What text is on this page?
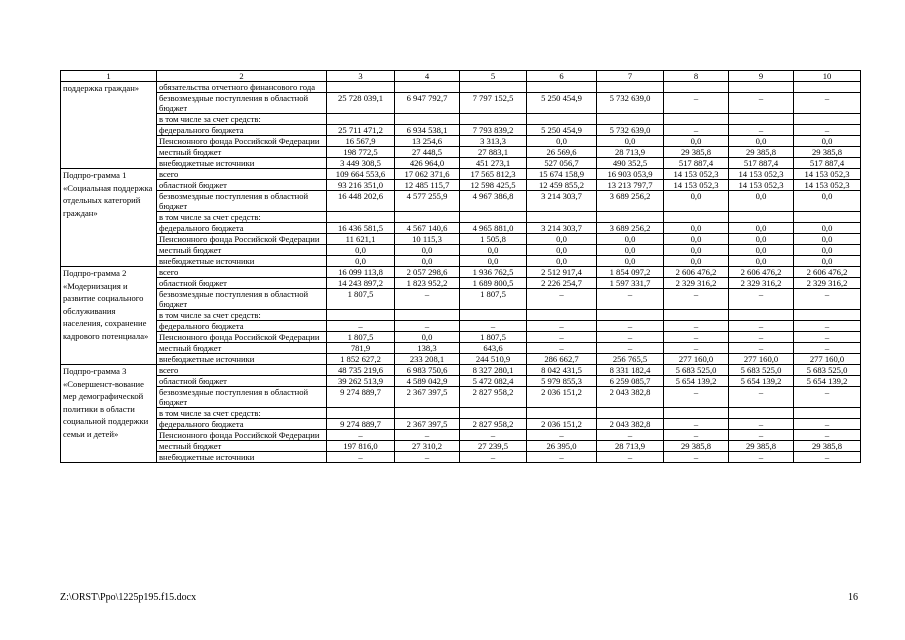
1	2	3	4	5	6	7	8	9	10
поддержка граждан»	обязательства отчетного финансового года								
	безвозмездные поступления в областной бюджет	25 728 039,1	6 947 792,7	7 797 152,5	5 250 454,9	5 732 639,0	–	–	–
	в том числе за счет средств:								
	федерального бюджета	25 711 471,2	6 934 538,1	7 793 839,2	5 250 454,9	5 732 639,0	–	–	–
	Пенсионного фонда Российской Федерации	16 567,9	13 254,6	3 313,3	0,0	0,0	0,0	0,0	0,0
	местный бюджет	198 772,5	27 448,5	27 883,1	26 569,6	28 713,9	29 385,8	29 385,8	29 385,8
	внебюджетные источники	3 449 308,5	426 964,0	451 273,1	527 056,7	490 352,5	517 887,4	517 887,4	517 887,4
Подпро-грамма 1 «Социальная поддержка отдельных категорий граждан»	всего	109 664 553,6	17 062 371,6	17 565 812,3	15 674 158,9	16 903 053,9	14 153 052,3	14 153 052,3	14 153 052,3
	областной бюджет	93 216 351,0	12 485 115,7	12 598 425,5	12 459 855,2	13 213 797,7	14 153 052,3	14 153 052,3	14 153 052,3
	безвозмездные поступления в областной бюджет	16 448 202,6	4 577 255,9	4 967 386,8	3 214 303,7	3 689 256,2	0,0	0,0	0,0
	в том числе за счет средств:								
	федерального бюджета	16 436 581,5	4 567 140,6	4 965 881,0	3 214 303,7	3 689 256,2	0,0	0,0	0,0
	Пенсионного фонда Российской Федерации	11 621,1	10 115,3	1 505,8	0,0	0,0	0,0	0,0	0,0
	местный бюджет	0,0	0,0	0,0	0,0	0,0	0,0	0,0	0,0
	внебюджетные источники	0,0	0,0	0,0	0,0	0,0	0,0	0,0	0,0
Подпро-грамма 2 «Модернизация и развитие социального обслуживания населения, сохранение кадрового потенциала»	всего	16 099 113,8	2 057 298,6	1 936 762,5	2 512 917,4	1 854 097,2	2 606 476,2	2 606 476,2	2 606 476,2
	областной бюджет	14 243 897,2	1 823 952,2	1 689 800,5	2 226 254,7	1 597 331,7	2 329 316,2	2 329 316,2	2 329 316,2
	безвозмездные поступления в областной бюджет	1 807,5	–	1 807,5	–	–	–	–	–
	в том числе за счет средств:								
	федерального бюджета	–	–	–	–	–	–	–	–
	Пенсионного фонда Российской Федерации	1 807,5	0,0	1 807,5	–	–	–	–	–
	местный бюджет	781,9	138,3	643,6	–	–	–	–	–
	внебюджетные источники	1 852 627,2	233 208,1	244 510,9	286 662,7	256 765,5	277 160,0	277 160,0	277 160,0
Подпро-грамма 3 «Совершенст-вование мер демографической политики в области социальной поддержки семьи и детей»	всего	48 735 219,6	6 983 750,6	8 327 280,1	8 042 431,5	8 331 182,4	5 683 525,0	5 683 525,0	5 683 525,0
	областной бюджет	39 262 513,9	4 589 042,9	5 472 082,4	5 979 855,3	6 259 085,7	5 654 139,2	5 654 139,2	5 654 139,2
	безвозмездные поступления в областной бюджет	9 274 889,7	2 367 397,5	2 827 958,2	2 036 151,2	2 043 382,8	–	–	–
	в том числе за счет средств:								
	федерального бюджета	9 274 889,7	2 367 397,5	2 827 958,2	2 036 151,2	2 043 382,8	–	–	–
	Пенсионного фонда Российской Федерации	–	–	–	–	–	–	–	–
	местный бюджет	197 816,0	27 310,2	27 239,5	26 395,0	28 713,9	29 385,8	29 385,8	29 385,8
	внебюджетные источники	–	–	–	–	–	–	–	–
Z:\ORST\Ppo\1225p195.f15.docx	16
